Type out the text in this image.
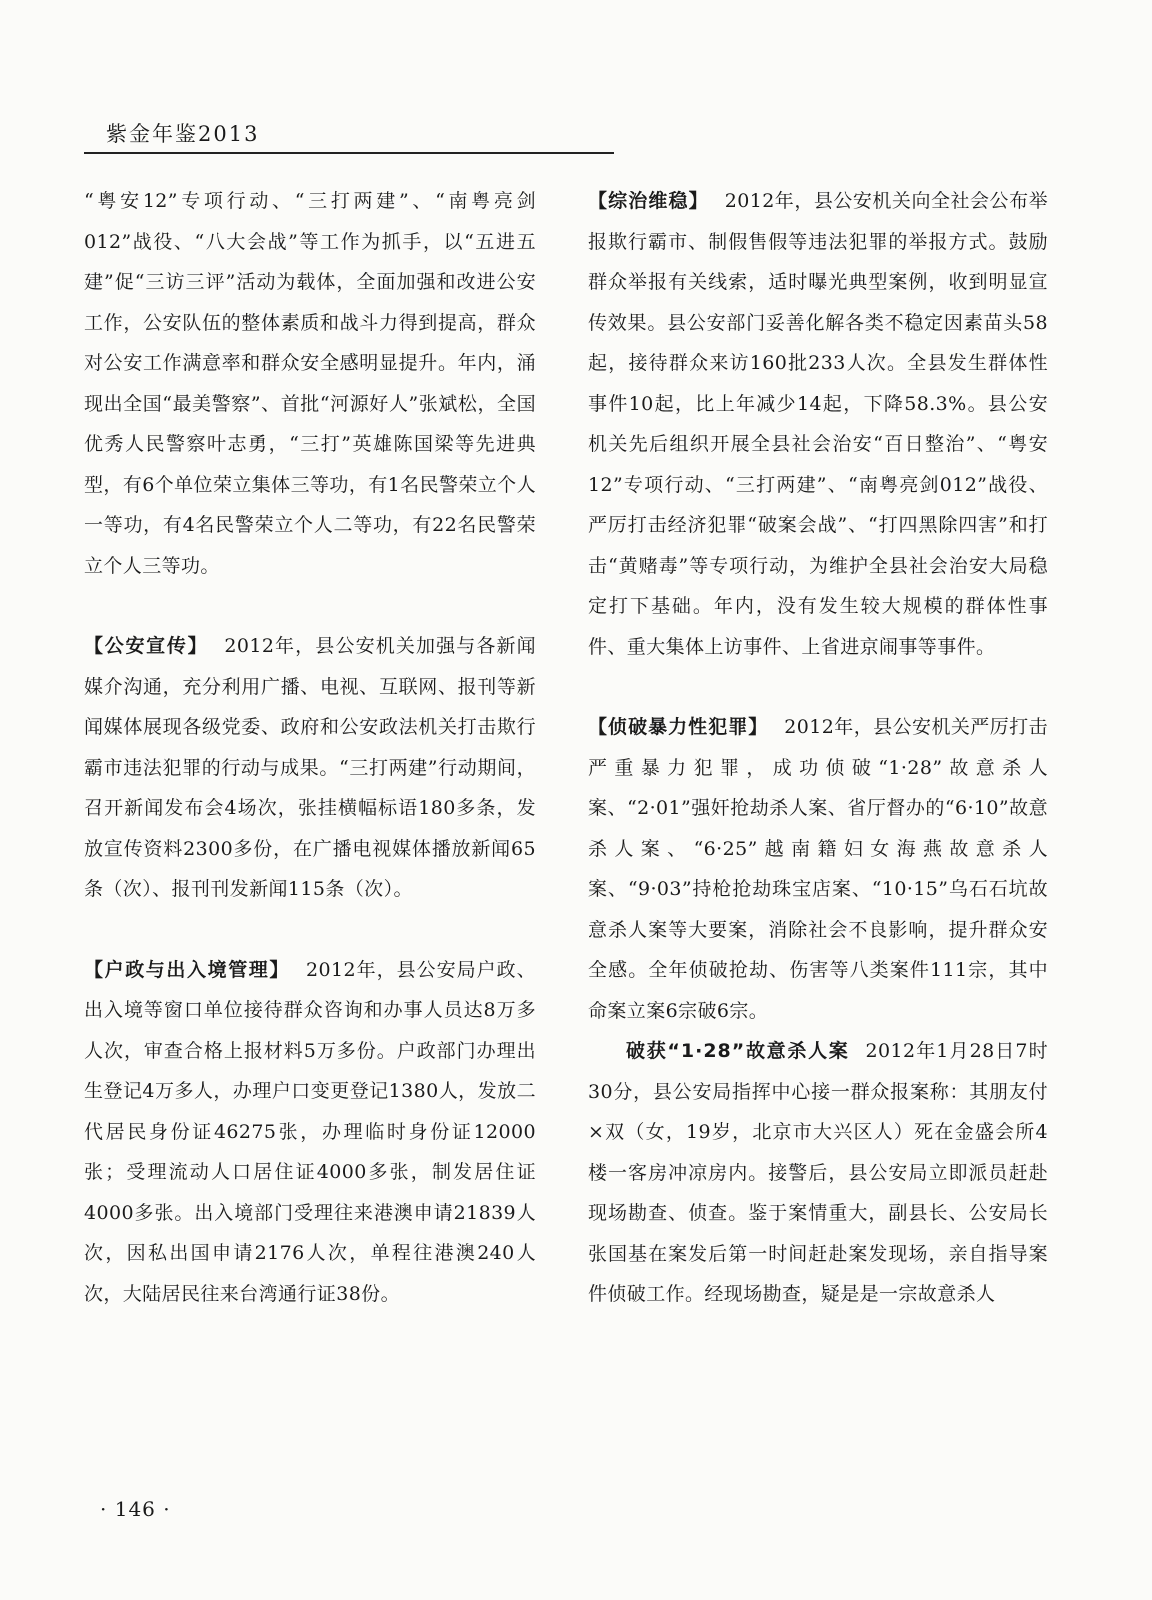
紫金年鉴2013

“粤安12”专项行动、“三打两建”、“南粤亮剑012”战役、“八大会战”等工作为抓手，以“五进五建”促“三访三评”活动为载体，全面加强和改进公安工作，公安队伍的整体素质和战斗力得到提高，群众对公安工作满意率和群众安全感明显提升。年内，涌现出全国“最美警察”、首批“河源好人”张斌松，全国优秀人民警察叶志勇，“三打”英雄陈国梁等先进典型，有6个单位荣立集体三等功，有1名民警荣立个人一等功，有4名民警荣立个人二等功，有22名民警荣立个人三等功。

【公安宣传】 2012年，县公安机关加强与各新闻媒介沟通，充分利用广播、电视、互联网、报刊等新闻媒体展现各级党委、政府和公安政法机关打击欺行霸市违法犯罪的行动与成果。“三打两建”行动期间，召开新闻发布会4场次，张挂横幅标语180多条，发放宣传资料2300多份，在广播电视媒体播放新闻65条（次）、报刊刊发新闻115条（次）。

【户政与出入境管理】 2012年，县公安局户政、出入境等窗口单位接待群众咨询和办事人员达8万多人次，审查合格上报材料5万多份。户政部门办理出生登记4万多人，办理户口变更登记1380人，发放二代居民身份证46275张，办理临时身份证12000张；受理流动人口居住证4000多张，制发居住证4000多张。出入境部门受理往来港澳申请21839人次，因私出国申请2176人次，单程往港澳240人次，大陆居民往来台湾通行证38份。

【综治维稳】 2012年，县公安机关向全社会公布举报欺行霸市、制假售假等违法犯罪的举报方式。鼓励群众举报有关线索，适时曝光典型案例，收到明显宣传效果。县公安部门妥善化解各类不稳定因素苗头58起，接待群众来访160批233人次。全县发生群体性事件10起，比上年减少14起，下降58.3%。县公安机关先后组织开展全县社会治安“百日整治”、“粤安12”专项行动、“三打两建”、“南粤亮剑012”战役、严厉打击经济犯罪“破案会战”、“打四黑除四害”和打击“黄赌毒”等专项行动，为维护全县社会治安大局稳定打下基础。年内，没有发生较大规模的群体性事件、重大集体上访事件、上省进京闹事等事件。

【侦破暴力性犯罪】 2012年，县公安机关严厉打击严重暴力犯罪，成功侦破“1·28”故意杀人案、“2·01”强奸抢劫杀人案、省厅督办的“6·10”故意杀人案、“6·25”越南籍妇女海燕故意杀人案、“9·03”持枪抢劫珠宝店案、“10·15”乌石石坑故意杀人案等大要案，消除社会不良影响，提升群众安全感。全年侦破抢劫、伤害等八类案件111宗，其中命案立案6宗破6宗。

破获“1·28”故意杀人案 2012年1月28日7时30分，县公安局指挥中心接一群众报案称：其朋友付×双（女，19岁，北京市大兴区人）死在金盛会所4楼一客房冲凉房内。接警后，县公安局立即派员赶赴现场勘查、侦查。鉴于案情重大，副县长、公安局长张国基在案发后第一时间赶赴案发现场，亲自指导案件侦破工作。经现场勘查，疑是是一宗故意杀人

· 146 ·
